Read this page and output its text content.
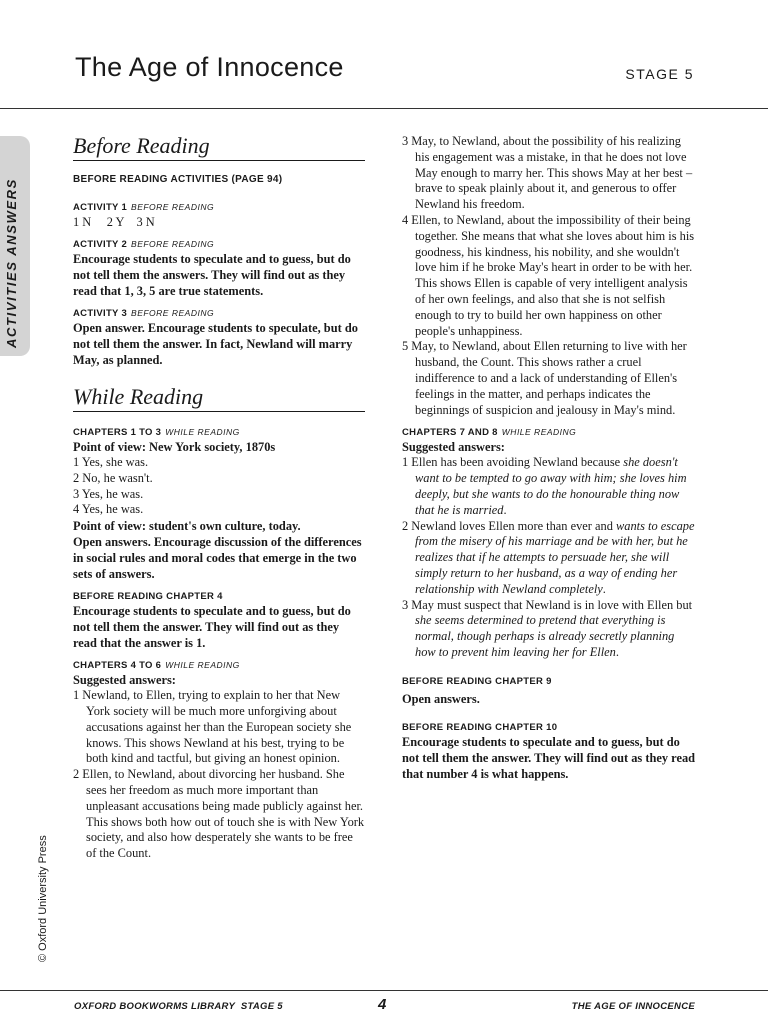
The Age of Innocence	STAGE 5
ACTIVITIES ANSWERS
© Oxford University Press
Before Reading
BEFORE READING ACTIVITIES (PAGE 94)
ACTIVITY 1 BEFORE READING
1 N     2 Y    3 N
ACTIVITY 2 BEFORE READING
Encourage students to speculate and to guess, but do not tell them the answers. They will find out as they read that 1, 3, 5 are true statements.
ACTIVITY 3 BEFORE READING
Open answer. Encourage students to speculate, but do not tell them the answer. In fact, Newland will marry May, as planned.
While Reading
CHAPTERS 1 TO 3 WHILE READING
Point of view: New York society, 1870s
1 Yes, she was.
2 No, he wasn't.
3 Yes, he was.
4 Yes, he was.
Point of view: student's own culture, today.
Open answers. Encourage discussion of the differences in social rules and moral codes that emerge in the two sets of answers.
BEFORE READING CHAPTER 4
Encourage students to speculate and to guess, but do not tell them the answer. They will find out as they read that the answer is 1.
CHAPTERS 4 TO 6 WHILE READING
Suggested answers:
1 Newland, to Ellen, trying to explain to her that New York society will be much more unforgiving about accusations against her than the European society she knows. This shows Newland at his best, trying to be both kind and tactful, but giving an honest opinion.
2 Ellen, to Newland, about divorcing her husband. She sees her freedom as much more important than unpleasant accusations being made publicly against her. This shows both how out of touch she is with New York society, and also how desperately she wants to be free of the Count.
3 May, to Newland, about the possibility of his realizing his engagement was a mistake, in that he does not love May enough to marry her. This shows May at her best – brave to speak plainly about it, and generous to offer Newland his freedom.
4 Ellen, to Newland, about the impossibility of their being together. She means that what she loves about him is his goodness, his kindness, his nobility, and she wouldn't love him if he broke May's heart in order to be with her. This shows Ellen is capable of very intelligent analysis of her own feelings, and also that she is not selfish enough to try to build her own happiness on other people's unhappiness.
5 May, to Newland, about Ellen returning to live with her husband, the Count. This shows rather a cruel indifference to and a lack of understanding of Ellen's feelings in the matter, and perhaps indicates the beginnings of suspicion and jealousy in May's mind.
CHAPTERS 7 AND 8 WHILE READING
Suggested answers:
1 Ellen has been avoiding Newland because she doesn't want to be tempted to go away with him; she loves him deeply, but she wants to do the honourable thing now that he is married.
2 Newland loves Ellen more than ever and wants to escape from the misery of his marriage and be with her, but he realizes that if he attempts to persuade her, she will simply return to her husband, as a way of ending her relationship with Newland completely.
3 May must suspect that Newland is in love with Ellen but she seems determined to pretend that everything is normal, though perhaps is already secretly planning how to prevent him leaving her for Ellen.
BEFORE READING CHAPTER 9
Open answers.
BEFORE READING CHAPTER 10
Encourage students to speculate and to guess, but do not tell them the answer. They will find out as they read that number 4 is what happens.
OXFORD BOOKWORMS LIBRARY  STAGE 5	4	THE AGE OF INNOCENCE
